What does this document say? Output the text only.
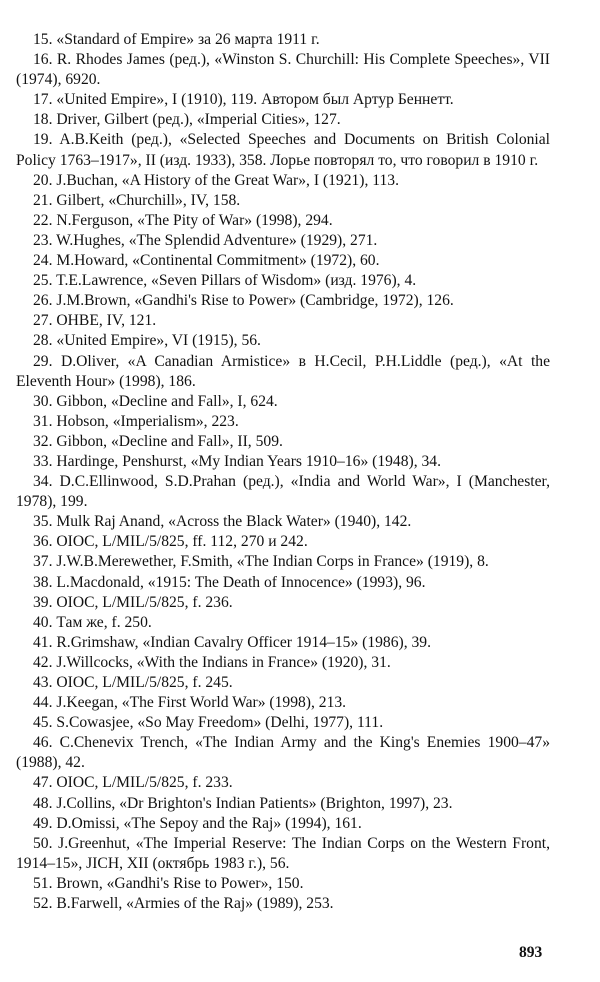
15. «Standard of Empire» за 26 марта 1911 г.

16. R. Rhodes James (ред.), «Winston S. Churchill: His Complete Speeches», VII (1974), 6920.

17. «United Empire», I (1910), 119. Автором был Артур Беннетт.

18. Driver, Gilbert (ред.), «Imperial Cities», 127.

19. A.B.Keith (ред.), «Selected Speeches and Documents on British Colonial Policy 1763–1917», II (изд. 1933), 358. Лорье повторял то, что говорил в 1910 г.

20. J.Buchan, «A History of the Great War», I (1921), 113.

21. Gilbert, «Churchill», IV, 158.

22. N.Ferguson, «The Pity of War» (1998), 294.

23. W.Hughes, «The Splendid Adventure» (1929), 271.

24. M.Howard, «Continental Commitment» (1972), 60.

25. T.E.Lawrence, «Seven Pillars of Wisdom» (изд. 1976), 4.

26. J.M.Brown, «Gandhi's Rise to Power» (Cambridge, 1972), 126.

27. OHBE, IV, 121.

28. «United Empire», VI (1915), 56.

29. D.Oliver, «A Canadian Armistice» в H.Cecil, P.H.Liddle (ред.), «At the Eleventh Hour» (1998), 186.

30. Gibbon, «Decline and Fall», I, 624.

31. Hobson, «Imperialism», 223.

32. Gibbon, «Decline and Fall», II, 509.

33. Hardinge, Penshurst, «My Indian Years 1910–16» (1948), 34.

34. D.C.Ellinwood, S.D.Prahan (ред.), «India and World War», I (Manchester, 1978), 199.

35. Mulk Raj Anand, «Across the Black Water» (1940), 142.

36. OIOC, L/MIL/5/825, ff. 112, 270 и 242.

37. J.W.B.Merewether, F.Smith, «The Indian Corps in France» (1919), 8.

38. L.Macdonald, «1915: The Death of Innocence» (1993), 96.

39. OIOC, L/MIL/5/825, f. 236.

40. Там же, f. 250.

41. R.Grimshaw, «Indian Cavalry Officer 1914–15» (1986), 39.

42. J.Willcocks, «With the Indians in France» (1920), 31.

43. OIOC, L/MIL/5/825, f. 245.

44. J.Keegan, «The First World War» (1998), 213.

45. S.Cowasjee, «So May Freedom» (Delhi, 1977), 111.

46. C.Chenevix Trench, «The Indian Army and the King's Enemies 1900–47» (1988), 42.

47. OIOC, L/MIL/5/825, f. 233.

48. J.Collins, «Dr Brighton's Indian Patients» (Brighton, 1997), 23.

49. D.Omissi, «The Sepoy and the Raj» (1994), 161.

50. J.Greenhut, «The Imperial Reserve: The Indian Corps on the Western Front, 1914–15», JICH, XII (октябрь 1983 г.), 56.

51. Brown, «Gandhi's Rise to Power», 150.

52. B.Farwell, «Armies of the Raj» (1989), 253.

893
